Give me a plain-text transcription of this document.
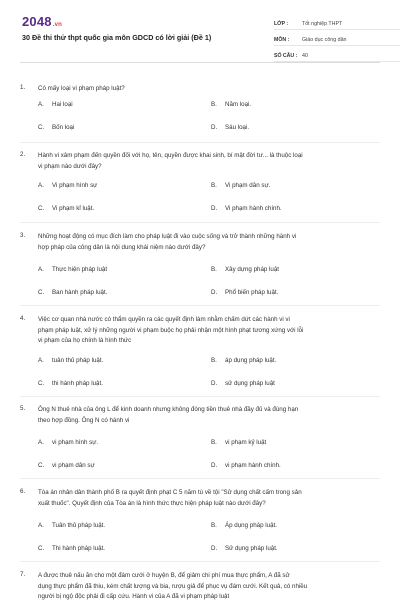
2048.vn
30 Đề thi thử thpt quốc gia môn GDCD có lời giải (Đề 1)
LỚP :	Tốt nghiệp THPT
MÔN :	Giáo dục công dân
SỐ CÂU : 40
1. Có mấy loại vi phạm pháp luật?
A. Hai loại	B. Năm loại.
C. Bốn loại	D. Sáu loại.
2. Hành vi xâm phạm đến quyền đối với họ, tên, quyền được khai sinh, bí mật đời tư... là thuộc loại
vi phạm nào dưới đây?
A. Vi phạm hình sự	B. Vi phạm dân sự.
C. Vi phạm kỉ luật.	D. Vi phạm hành chính.
3. Những hoạt động có mục đích làm cho pháp luật đi vào cuộc sống và trở thành những hành vi
hợp pháp của công dân là nội dung khái niệm nào dưới đây?
A. Thực hiện pháp luật	B. Xây dựng pháp luật
C. Ban hành pháp luật.	D. Phổ biến pháp luật.
4. Việc cơ quan nhà nước có thẩm quyền ra các quyết định làm nhằm chấm dứt các hành vi vi
phạm pháp luật, xử lý những người vi phạm buộc họ phải nhận một hình phạt tương xứng với lỗi
vi phạm của họ chính là hình thức
A. tuân thủ pháp luật.	B. áp dụng pháp luật.
C. thi hành pháp luật.	D. sử dụng pháp luật
5. Ông N thuê nhà của ông L để kinh doanh nhưng không đóng tiền thuê nhà đầy đủ và đúng hạn
theo hợp đồng. Ông N có hành vi
A. vi phạm hình sự.	B. vi phạm kỷ luật
C. vi phạm dân sự	D. vi phạm hành chính.
6. Tòa án nhân dân thành phố B ra quyết định phạt C 5 năm tù về tội "Sử dụng chất cấm trong sản
xuất thuốc". Quyết định của Tòa án là hình thức thực hiện pháp luật nào dưới đây?
A. Tuân thủ pháp luật.	B. Áp dụng pháp luật.
C. Thi hành pháp luật.	D. Sử dụng pháp luật.
7. A được thuê nấu ăn cho một đám cưới ở huyện B, để giảm chi phí mua thực phẩm, A đã sử
dụng thực phẩm đã thiu, kém chất lượng và bia, rượu giả để phục vụ đám cưới. Kết quả, có nhiều
người bị ngộ độc phải đi cấp cứu. Hành vi của A đã vi phạm pháp luật
